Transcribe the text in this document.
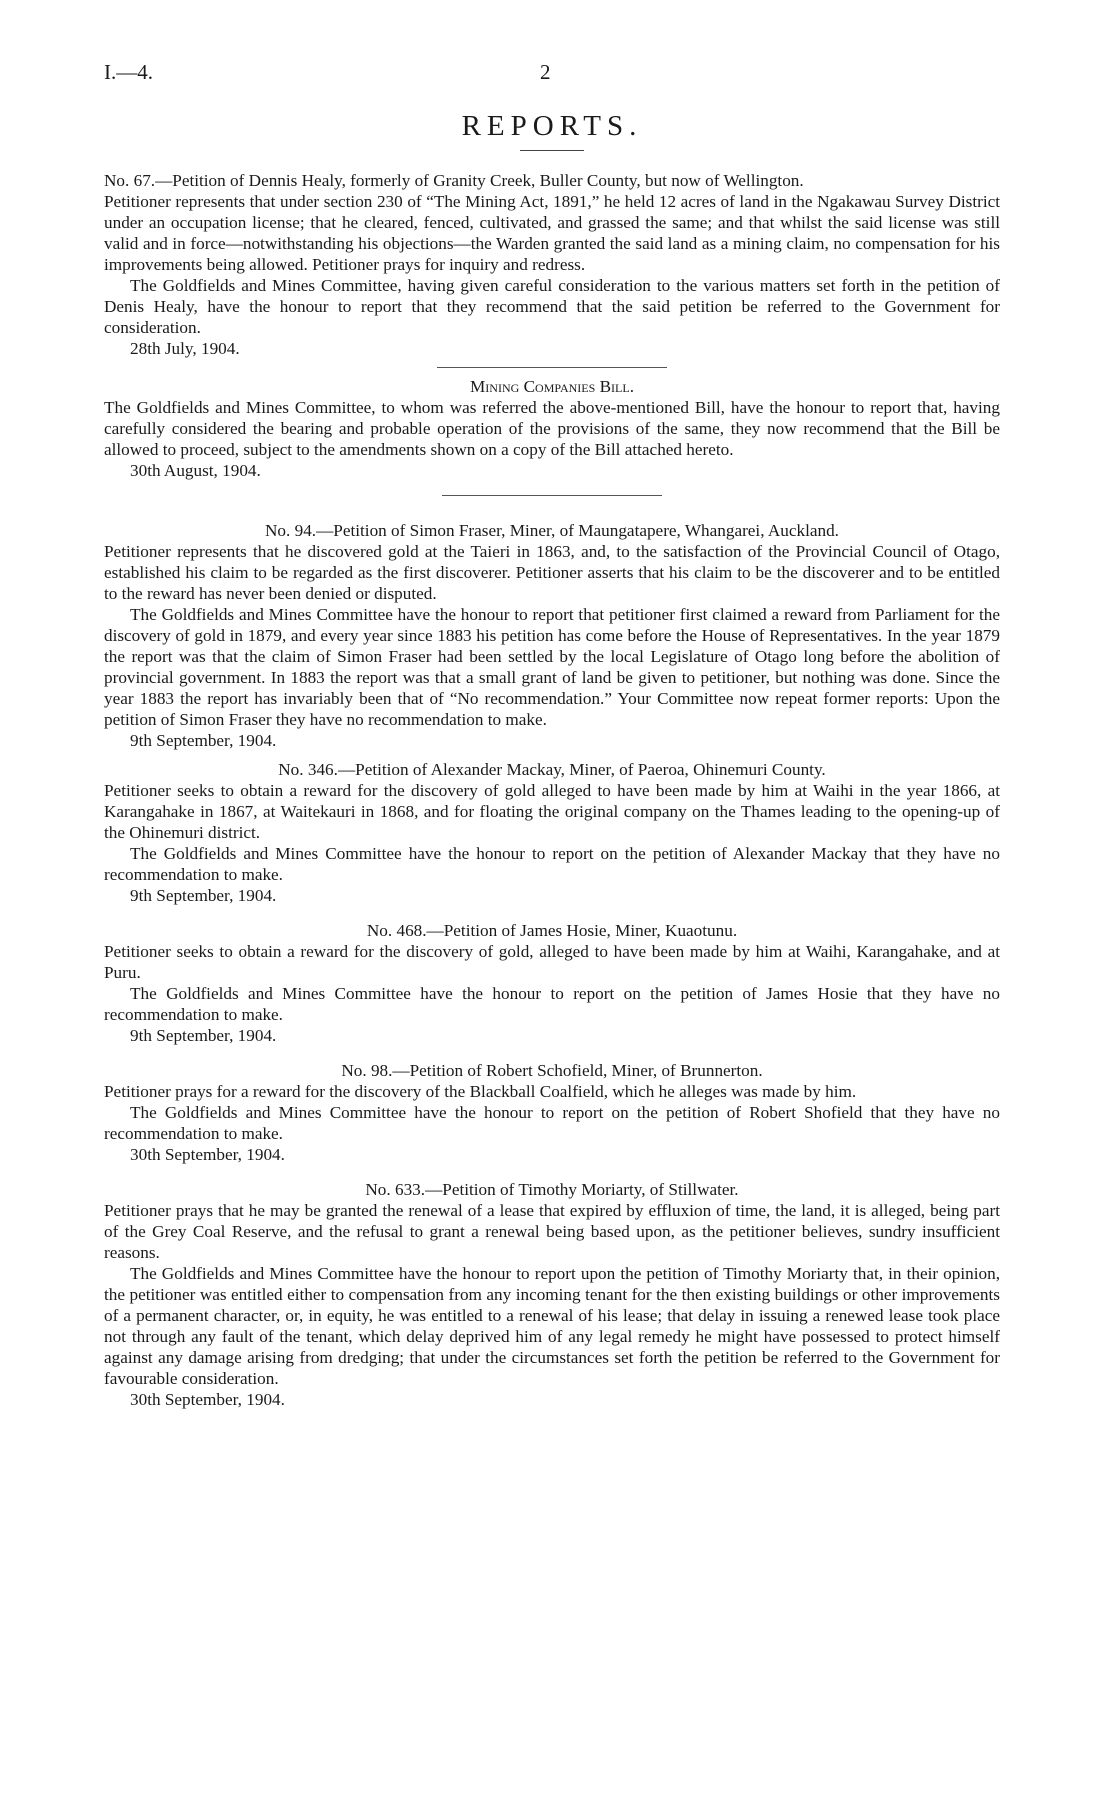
I.—4.	2
REPORTS.

No. 67.—Petition of Dennis Healy, formerly of Granity Creek, Buller County, but now of Wellington.

Petitioner represents that under section 230 of “The Mining Act, 1891,” he held 12 acres of land in the Ngakawau Survey District under an occupation license; that he cleared, fenced, cultivated, and grassed the same; and that whilst the said license was still valid and in force—notwithstanding his objections—the Warden granted the said land as a mining claim, no compensation for his improvements being allowed. Petitioner prays for inquiry and redress.

The Goldfields and Mines Committee, having given careful consideration to the various matters set forth in the petition of Denis Healy, have the honour to report that they recommend that the said petition be referred to the Government for consideration.

28th July, 1904.

Mining Companies Bill.

The Goldfields and Mines Committee, to whom was referred the above-mentioned Bill, have the honour to report that, having carefully considered the bearing and probable operation of the provisions of the same, they now recommend that the Bill be allowed to proceed, subject to the amendments shown on a copy of the Bill attached hereto.

30th August, 1904.

No. 94.—Petition of Simon Fraser, Miner, of Maungatapere, Whangarei, Auckland.

Petitioner represents that he discovered gold at the Taieri in 1863, and, to the satisfaction of the Provincial Council of Otago, established his claim to be regarded as the first discoverer. Petitioner asserts that his claim to be the discoverer and to be entitled to the reward has never been denied or disputed.

The Goldfields and Mines Committee have the honour to report that petitioner first claimed a reward from Parliament for the discovery of gold in 1879, and every year since 1883 his petition has come before the House of Representatives. In the year 1879 the report was that the claim of Simon Fraser had been settled by the local Legislature of Otago long before the abolition of provincial government. In 1883 the report was that a small grant of land be given to petitioner, but nothing was done. Since the year 1883 the report has invariably been that of “No recommendation.” Your Committee now repeat former reports: Upon the petition of Simon Fraser they have no recommendation to make.

9th September, 1904.

No. 346.—Petition of Alexander Mackay, Miner, of Paeroa, Ohinemuri County.

Petitioner seeks to obtain a reward for the discovery of gold alleged to have been made by him at Waihi in the year 1866, at Karangahake in 1867, at Waitekauri in 1868, and for floating the original company on the Thames leading to the opening-up of the Ohinemuri district.

The Goldfields and Mines Committee have the honour to report on the petition of Alexander Mackay that they have no recommendation to make.

9th September, 1904.

No. 468.—Petition of James Hosie, Miner, Kuaotunu.

Petitioner seeks to obtain a reward for the discovery of gold, alleged to have been made by him at Waihi, Karangahake, and at Puru.

The Goldfields and Mines Committee have the honour to report on the petition of James Hosie that they have no recommendation to make.

9th September, 1904.

No. 98.—Petition of Robert Schofield, Miner, of Brunnerton.

Petitioner prays for a reward for the discovery of the Blackball Coalfield, which he alleges was made by him.

The Goldfields and Mines Committee have the honour to report on the petition of Robert Shofield that they have no recommendation to make.

30th September, 1904.

No. 633.—Petition of Timothy Moriarty, of Stillwater.

Petitioner prays that he may be granted the renewal of a lease that expired by effluxion of time, the land, it is alleged, being part of the Grey Coal Reserve, and the refusal to grant a renewal being based upon, as the petitioner believes, sundry insufficient reasons.

The Goldfields and Mines Committee have the honour to report upon the petition of Timothy Moriarty that, in their opinion, the petitioner was entitled either to compensation from any incoming tenant for the then existing buildings or other improvements of a permanent character, or, in equity, he was entitled to a renewal of his lease; that delay in issuing a renewed lease took place not through any fault of the tenant, which delay deprived him of any legal remedy he might have possessed to protect himself against any damage arising from dredging; that under the circumstances set forth the petition be referred to the Government for favourable consideration.

30th September, 1904.
